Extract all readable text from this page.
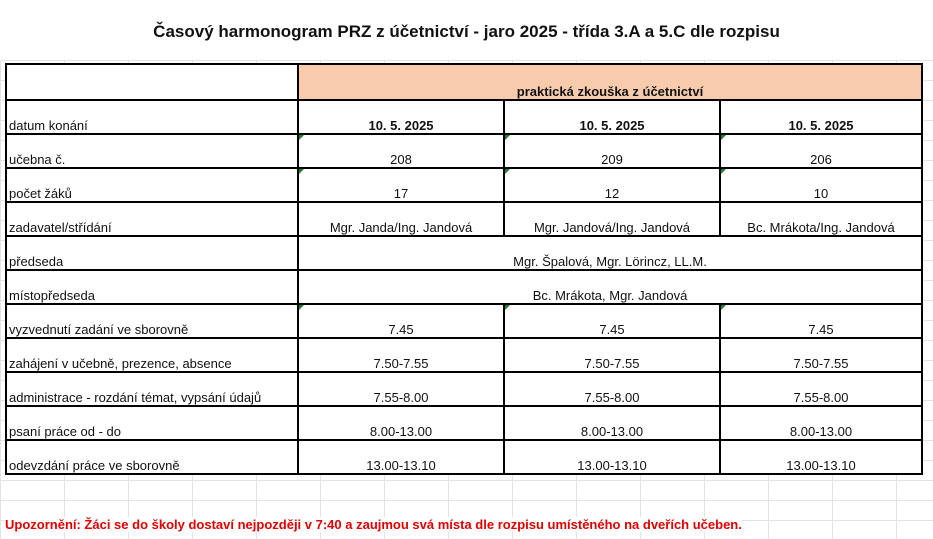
Časový harmonogram PRZ z účetnictví - jaro 2025 - třída 3.A a 5.C dle rozpisu
	praktická zkouška z účetnictví		
datum konání	10. 5. 2025	10. 5. 2025	10. 5. 2025
učebna č.	208	209	206
počet žáků	17	12	10
zadavatel/střídání	Mgr. Janda/Ing. Jandová	Mgr. Jandová/Ing. Jandová	Bc. Mrákota/Ing. Jandová
předseda	Mgr. Špalová, Mgr. Lörincz, LL.M.		
místopředseda	Bc. Mrákota, Mgr. Jandová		
vyzvednutí zadání ve sborovně	7.45	7.45	7.45
zahájení v učebně, prezence, absence	7.50-7.55	7.50-7.55	7.50-7.55
administrace - rozdání témat, vypsání údajů	7.55-8.00	7.55-8.00	7.55-8.00
psaní práce od - do	8.00-13.00	8.00-13.00	8.00-13.00
odevzdání práce ve sborovně	13.00-13.10	13.00-13.10	13.00-13.10
Upozornění: Žáci se do školy dostaví nejpozději v 7:40 a zaujmou svá místa dle rozpisu umístěného na dveřích učeben.
